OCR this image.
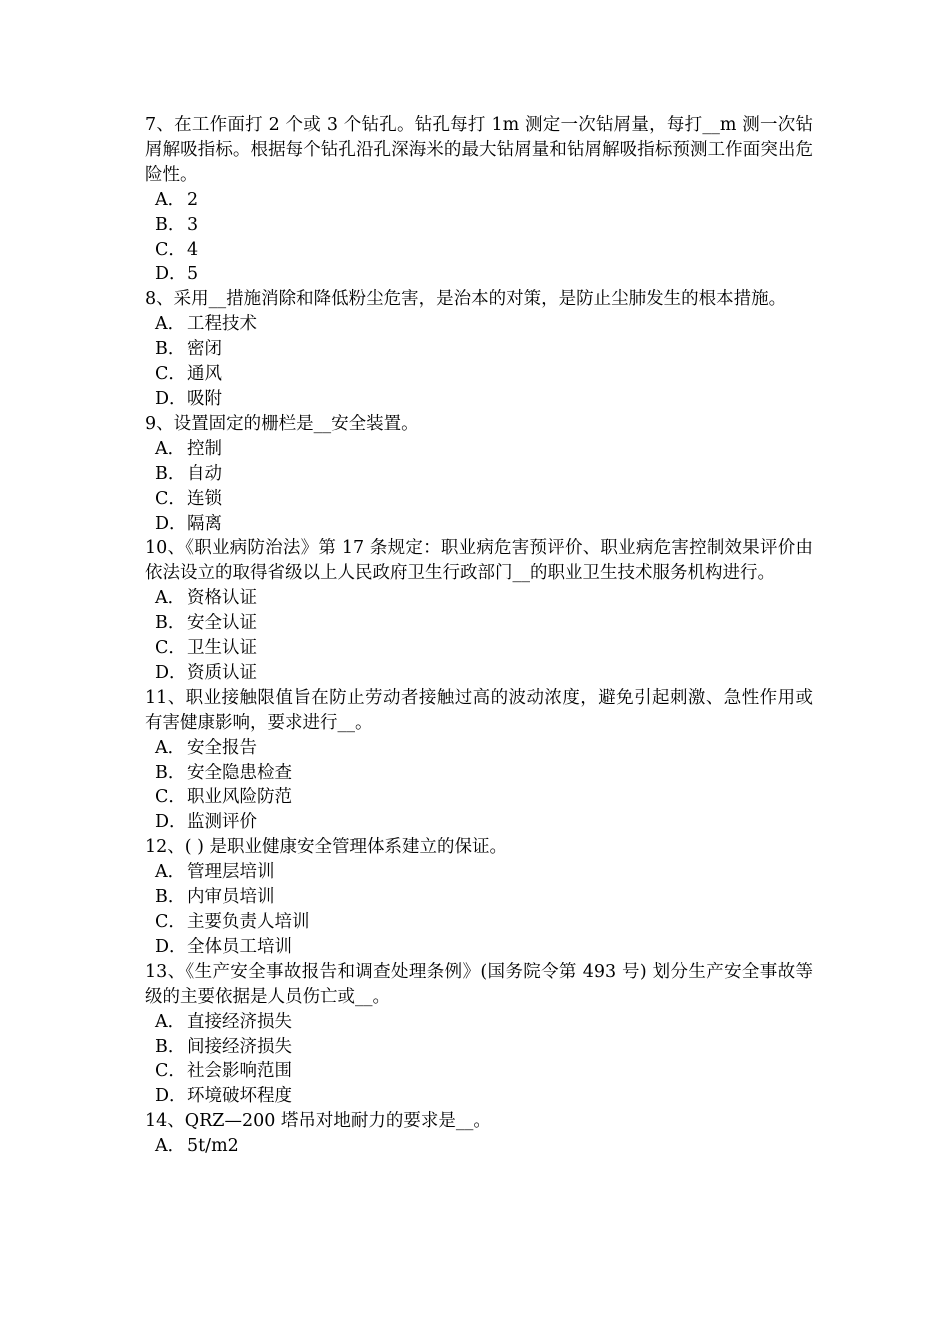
7、在工作面打 2 个或 3 个钻孔。钻孔每打 1m 测定一次钻屑量，每打__m 测一次钻屑解吸指标。根据每个钻孔沿孔深海米的最大钻屑量和钻屑解吸指标预测工作面突出危险性。

A． 2
B．3
C．4
D．5

8、采用__措施消除和降低粉尘危害，是治本的对策，是防止尘肺发生的根本措施。

A． 工程技术
B．密闭
C．通风
D．吸附

9、设置固定的栅栏是__安全装置。

A． 控制
B．自动
C．连锁
D．隔离

10、《职业病防治法》第 17 条规定：职业病危害预评价、职业病危害控制效果评价由依法设立的取得省级以上人民政府卫生行政部门__的职业卫生技术服务机构进行。

A． 资格认证
B．安全认证
C．卫生认证
D．资质认证

11、职业接触限值旨在防止劳动者接触过高的波动浓度，避免引起刺激、急性作用或有害健康影响，要求进行__。

A． 安全报告
B．安全隐患检查
C．职业风险防范
D．监测评价

12、( ) 是职业健康安全管理体系建立的保证。

A． 管理层培训
B．内审员培训
C．主要负责人培训
D．全体员工培训

13、《生产安全事故报告和调查处理条例》(国务院令第 493 号) 划分生产安全事故等级的主要依据是人员伤亡或__。

A． 直接经济损失
B．间接经济损失
C．社会影响范围
D．环境破坏程度

14、QRZ—200 塔吊对地耐力的要求是__。

A． 5t/m2
